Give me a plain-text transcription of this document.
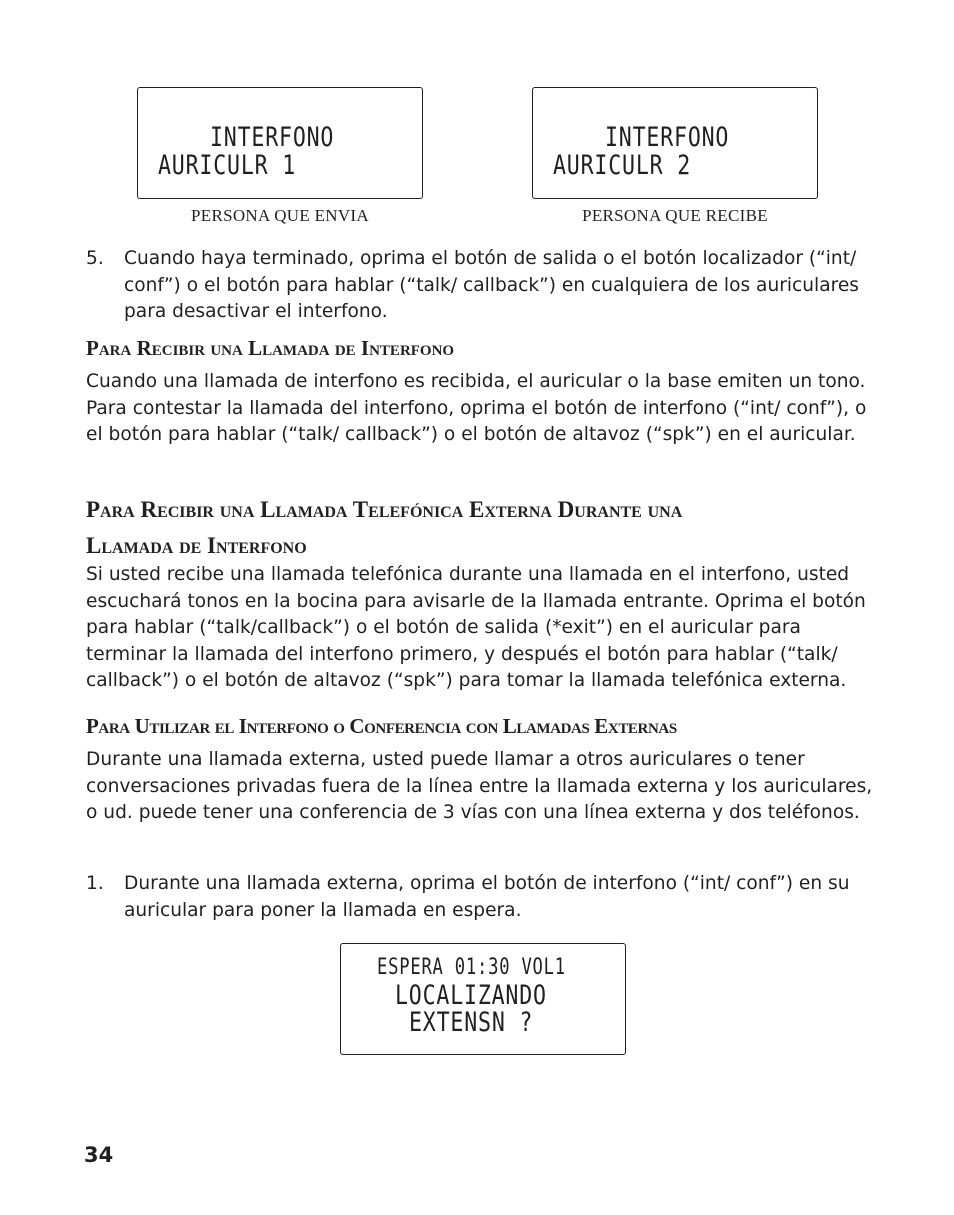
INTERFONO
AURICULR 1
PERSONA QUE ENVIA
INTERFONO
AURICULR 2
PERSONA QUE RECIBE
5. Cuando haya terminado, oprima el botón de salida o el botón localizador (“int/ conf”) o el botón para hablar (“talk/ callback”) en cualquiera de los auriculares para desactivar el interfono.
Para Recibir una Llamada de Interfono
Cuando una llamada de interfono es recibida, el auricular o la base emiten un tono. Para contestar la llamada del interfono, oprima el botón de interfono (“int/ conf”), o el botón para hablar (“talk/ callback”) o el botón de altavoz (“spk”) en el auricular.
Para Recibir una Llamada Telefónica Externa Durante una
Llamada de Interfono
Si usted recibe una llamada telefónica durante una llamada en el interfono, usted escuchará tonos en la bocina para avisarle de la llamada entrante. Oprima el botón para hablar (“talk/callback”) o el botón de salida (*exit”) en el auricular para terminar la llamada del interfono primero, y después el botón para hablar (“talk/ callback”) o el botón de altavoz (“spk”) para tomar la llamada telefónica externa.
Para Utilizar el Interfono o Conferencia con Llamadas Externas
Durante una llamada externa, usted puede llamar a otros auriculares o tener conversaciones privadas fuera de la línea entre la llamada externa y los auriculares, o ud. puede tener una conferencia de 3 vías con una línea externa y dos teléfonos.
1. Durante una llamada externa, oprima el botón de interfono (“int/ conf”) en su auricular para poner la llamada en espera.
ESPERA 01:30 VOL1
LOCALIZANDO
EXTENSN ?
34
